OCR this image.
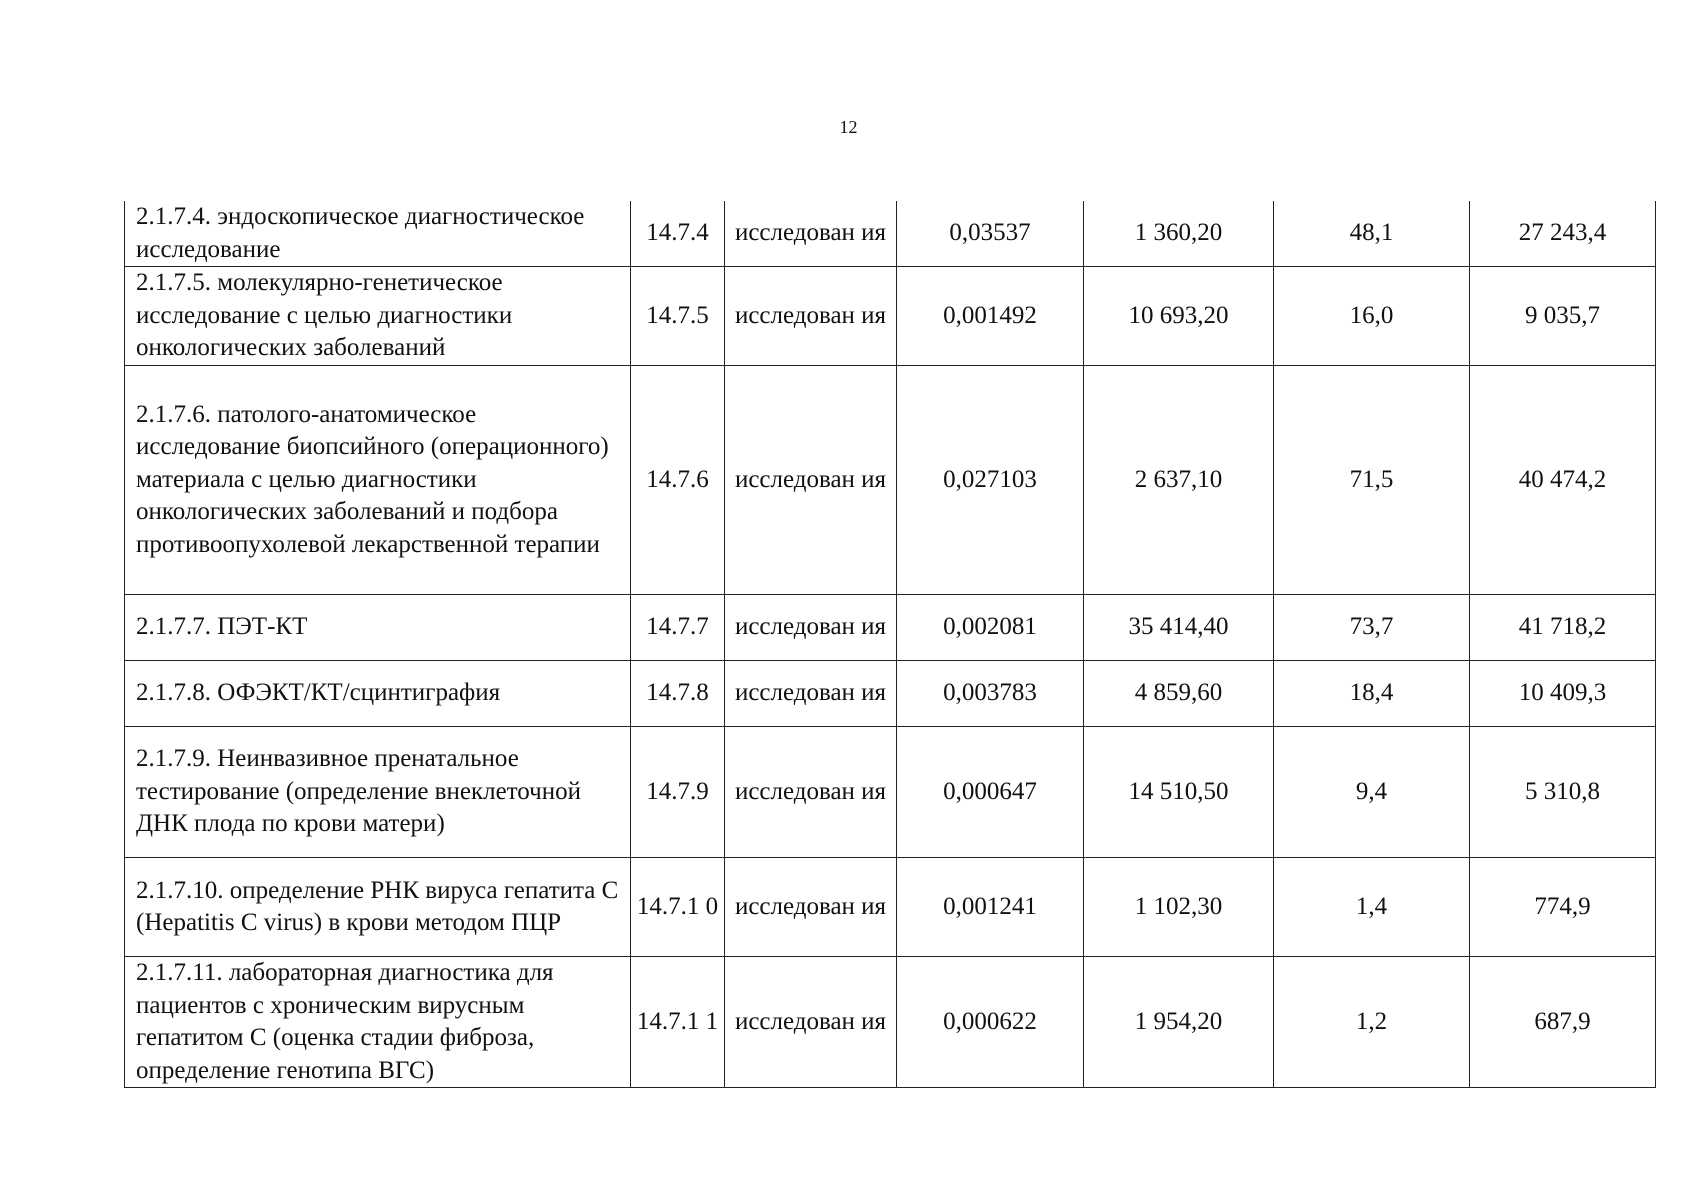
12
2.1.7.4. эндоскопическое диагностическое исследование	14.7.4	исследован ия	0,03537	1 360,20	48,1	27 243,4
2.1.7.5. молекулярно-генетическое исследование с целью диагностики онкологических заболеваний	14.7.5	исследован ия	0,001492	10 693,20	16,0	9 035,7
2.1.7.6. патолого-анатомическое исследование биопсийного (операционного) материала с целью диагностики онкологических заболеваний и подбора противоопухолевой лекарственной терапии	14.7.6	исследован ия	0,027103	2 637,10	71,5	40 474,2
2.1.7.7. ПЭТ-КТ	14.7.7	исследован ия	0,002081	35 414,40	73,7	41 718,2
2.1.7.8. ОФЭКТ/КТ/сцинтиграфия	14.7.8	исследован ия	0,003783	4 859,60	18,4	10 409,3
2.1.7.9. Неинвазивное пренатальное тестирование (определение внеклеточной ДНК плода по крови матери)	14.7.9	исследован ия	0,000647	14 510,50	9,4	5 310,8
2.1.7.10. определение РНК вируса гепатита С (Hepatitis C virus) в крови методом ПЦР	14.7.1 0	исследован ия	0,001241	1 102,30	1,4	774,9
2.1.7.11. лабораторная диагностика для пациентов с хроническим вирусным гепатитом С (оценка стадии фиброза, определение генотипа ВГС)	14.7.1 1	исследован ия	0,000622	1 954,20	1,2	687,9
